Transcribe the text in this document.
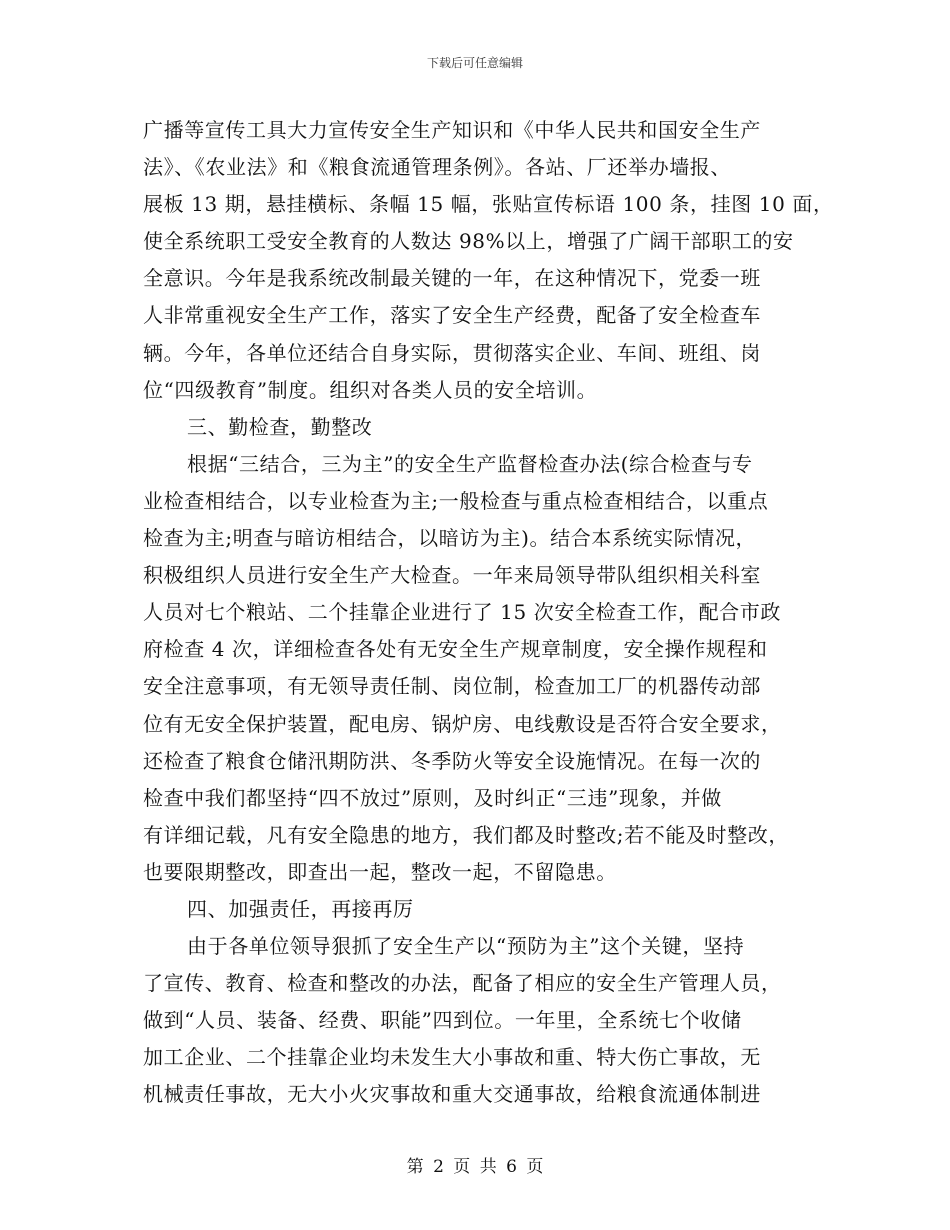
下载后可任意编辑
广播等宣传工具大力宣传安全生产知识和《中华人民共和国安全生产
法》、《农业法》和《粮食流通管理条例》。各站、厂还举办墙报、
展板 13 期，悬挂横标、条幅 15 幅，张贴宣传标语 100 条，挂图 10 面，
使全系统职工受安全教育的人数达 98%以上，增强了广阔干部职工的安
全意识。今年是我系统改制最关键的一年，在这种情况下，党委一班
人非常重视安全生产工作，落实了安全生产经费，配备了安全检查车
辆。今年，各单位还结合自身实际，贯彻落实企业、车间、班组、岗
位“四级教育”制度。组织对各类人员的安全培训。
三、勤检查，勤整改
根据“三结合，三为主”的安全生产监督检查办法(综合检查与专
业检查相结合，以专业检查为主;一般检查与重点检查相结合，以重点
检查为主;明查与暗访相结合，以暗访为主)。结合本系统实际情况，
积极组织人员进行安全生产大检查。一年来局领导带队组织相关科室
人员对七个粮站、二个挂靠企业进行了 15 次安全检查工作，配合市政
府检查 4 次，详细检查各处有无安全生产规章制度，安全操作规程和
安全注意事项，有无领导责任制、岗位制，检查加工厂的机器传动部
位有无安全保护装置，配电房、锅炉房、电线敷设是否符合安全要求，
还检查了粮食仓储汛期防洪、冬季防火等安全设施情况。在每一次的
检查中我们都坚持“四不放过”原则，及时纠正“三违”现象，并做
有详细记载，凡有安全隐患的地方，我们都及时整改;若不能及时整改，
也要限期整改，即查出一起，整改一起，不留隐患。
四、加强责任，再接再厉
由于各单位领导狠抓了安全生产以“预防为主”这个关键，坚持
了宣传、教育、检查和整改的办法，配备了相应的安全生产管理人员，
做到“人员、装备、经费、职能”四到位。一年里，全系统七个收储
加工企业、二个挂靠企业均未发生大小事故和重、特大伤亡事故，无
机械责任事故，无大小火灾事故和重大交通事故，给粮食流通体制进
第 2 页 共 6 页
